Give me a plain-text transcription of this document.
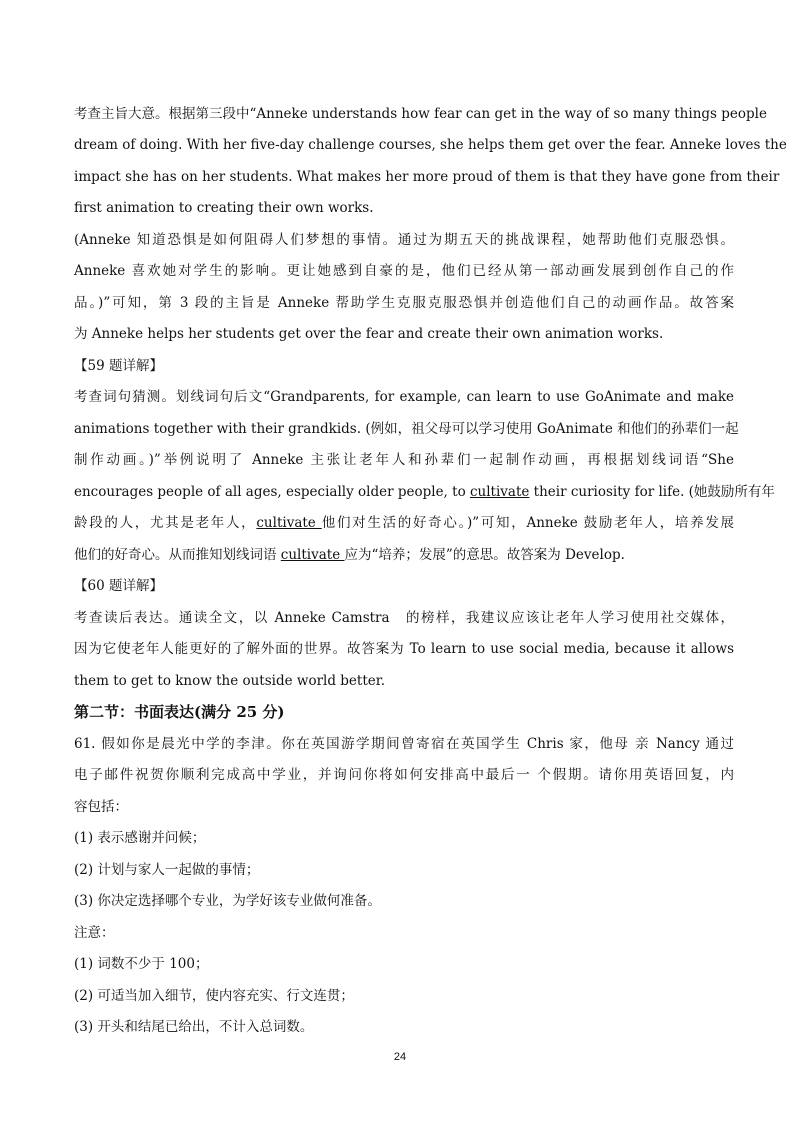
考查主旨大意。根据第三段中“Anneke understands how fear can get in the way of so many things people
dream of doing. With her five-day challenge courses, she helps them get over the fear. Anneke loves the
impact she has on her students. What makes her more proud of them is that they have gone from their
first animation to creating their own works.
(Anneke 知道恐惧是如何阻碍人们梦想的事情。通过为期五天的挑战课程，她帮助他们克服恐惧。
Anneke 喜欢她对学生的影响。更让她感到自豪的是，他们已经从第一部动画发展到创作自己的作
品。)”可知，第 3 段的主旨是 Anneke 帮助学生克服克服恐惧并创造他们自己的动画作品。故答案
为 Anneke helps her students get over the fear and create their own animation works.
【59 题详解】
考查词句猜测。划线词句后文“Grandparents, for example, can learn to use GoAnimate and make
animations together with their grandkids. (例如，祖父母可以学习使用 GoAnimate 和他们的孙辈们一起
制作动画。)”举例说明了 Anneke 主张让老年人和孙辈们一起制作动画，再根据划线词语“She
encourages people of all ages, especially older people, to cultivate their curiosity for life. (她鼓励所有年
龄段的人，尤其是老年人，cultivate 他们对生活的好奇心。)”可知，Anneke 鼓励老年人，培养发展
他们的好奇心。从而推知划线词语 cultivate 应为“培养；发展”的意思。故答案为 Develop.
【60 题详解】
考查读后表达。通读全文，以 Anneke Camstra　的榜样，我建议应该让老年人学习使用社交媒体，
因为它使老年人能更好的了解外面的世界。故答案为 To learn to use social media, because it allows
them to get to know the outside world better.
第二节：书面表达(满分 25 分)
61. 假如你是晨光中学的李津。你在英国游学期间曾寄宿在英国学生 Chris 家，他母 亲 Nancy 通过
电子邮件祝贺你顺利完成高中学业，并询问你将如何安排高中最后一 个假期。请你用英语回复，内
容包括：
(1) 表示感谢并问候；
(2) 计划与家人一起做的事情；
(3) 你决定选择哪个专业，为学好该专业做何准备。
注意：
(1) 词数不少于 100；
(2) 可适当加入细节，使内容充实、行文连贯；
(3) 开头和结尾已给出，不计入总词数。
24
